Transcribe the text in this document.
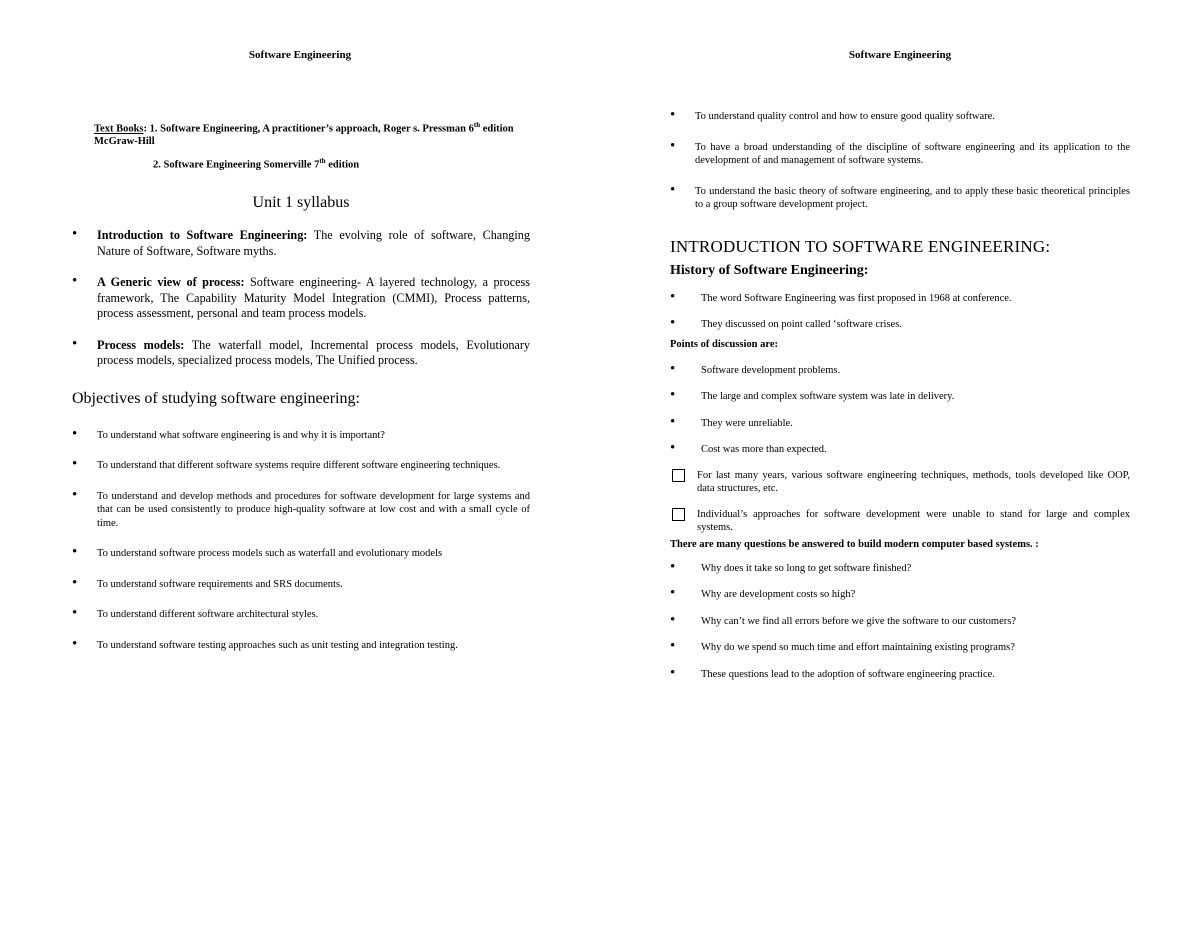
Software Engineering
Text Books: 1. Software Engineering, A practitioner’s approach, Roger s. Pressman 6th edition McGraw-Hill
2. Software Engineering Somerville 7th edition
Unit 1 syllabus
• Introduction to Software Engineering: The evolving role of software, Changing Nature of Software, Software myths.
• A Generic view of process: Software engineering- A layered technology, a process framework, The Capability Maturity Model Integration (CMMI), Process patterns, process assessment, personal and team process models.
• Process models: The waterfall model, Incremental process models, Evolutionary process models, specialized process models, The Unified process.
Objectives of studying software engineering:
• To understand what software engineering is and why it is important?
• To understand that different software systems require different software engineering techniques.
• To understand and develop methods and procedures for software development for large systems and that can be used consistently to produce high-quality software at low cost and with a small cycle of time.
• To understand software process models such as waterfall and evolutionary models
• To understand software requirements and SRS documents.
• To understand different software architectural styles.
• To understand software testing approaches such as unit testing and integration testing.
Software Engineering
• To understand quality control and how to ensure good quality software.
• To have a broad understanding of the discipline of software engineering and its application to the development of and management of software systems.
• To understand the basic theory of software engineering, and to apply these basic theoretical principles to a group software development project.
INTRODUCTION TO SOFTWARE ENGINEERING:
History of Software Engineering:
• The word Software Engineering was first proposed in 1968 at conference.
• They discussed on point called ‘software crises.
Points of discussion are:
• Software development problems.
• The large and complex software system was late in delivery.
• They were unreliable.
• Cost was more than expected.
For last many years, various software engineering techniques, methods, tools developed like OOP, data structures, etc.
Individual’s approaches for software development were unable to stand for large and complex systems.
There are many questions be answered to build modern computer based systems. :
• Why does it take so long to get software finished?
• Why are development costs so high?
• Why can’t we find all errors before we give the software to our customers?
• Why do we spend so much time and effort maintaining existing programs?
• These questions lead to the adoption of software engineering practice.
